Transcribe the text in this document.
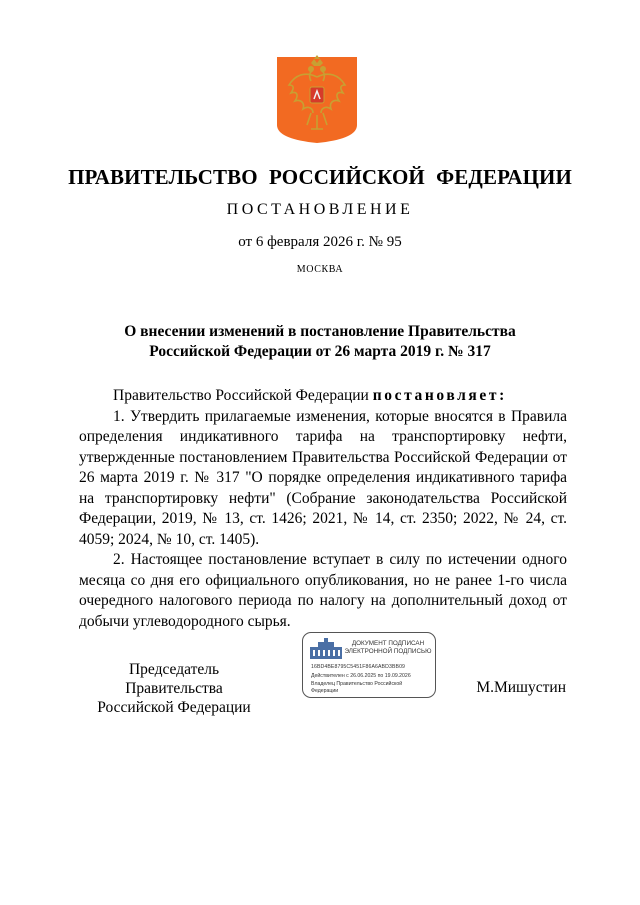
ПРАВИТЕЛЬСТВО РОССИЙСКОЙ ФЕДЕРАЦИИ
ПОСТАНОВЛЕНИЕ
от 6 февраля 2026 г. № 95
МОСКВА
О внесении изменений в постановление Правительства
Российской Федерации от 26 марта 2019 г. № 317

Правительство Российской Федерации постановляет:

1. Утвердить прилагаемые изменения, которые вносятся в Правила определения индикативного тарифа на транспортировку нефти, утвержденные постановлением Правительства Российской Федерации от 26 марта 2019 г. № 317 "О порядке определения индикативного тарифа на транспортировку нефти" (Собрание законодательства Российской Федерации, 2019, № 13, ст. 1426; 2021, № 14, ст. 2350; 2022, № 24, ст. 4059; 2024, № 10, ст. 1405).

2. Настоящее постановление вступает в силу по истечении одного месяца со дня его официального опубликования, но не ранее 1-го числа очередного налогового периода по налогу на дополнительный доход от добычи углеводородного сырья.

Председатель Правительства
Российской Федерации
ДОКУМЕНТ ПОДПИСАН
ЭЛЕКТРОННОЙ ПОДПИСЬЮ
16BD4BE8795C5451F86A6ABD3BB09
Действителен с 26.06.2025 по 19.09.2026
Владелец Правительство Российской Федерации	М.Мишустин
